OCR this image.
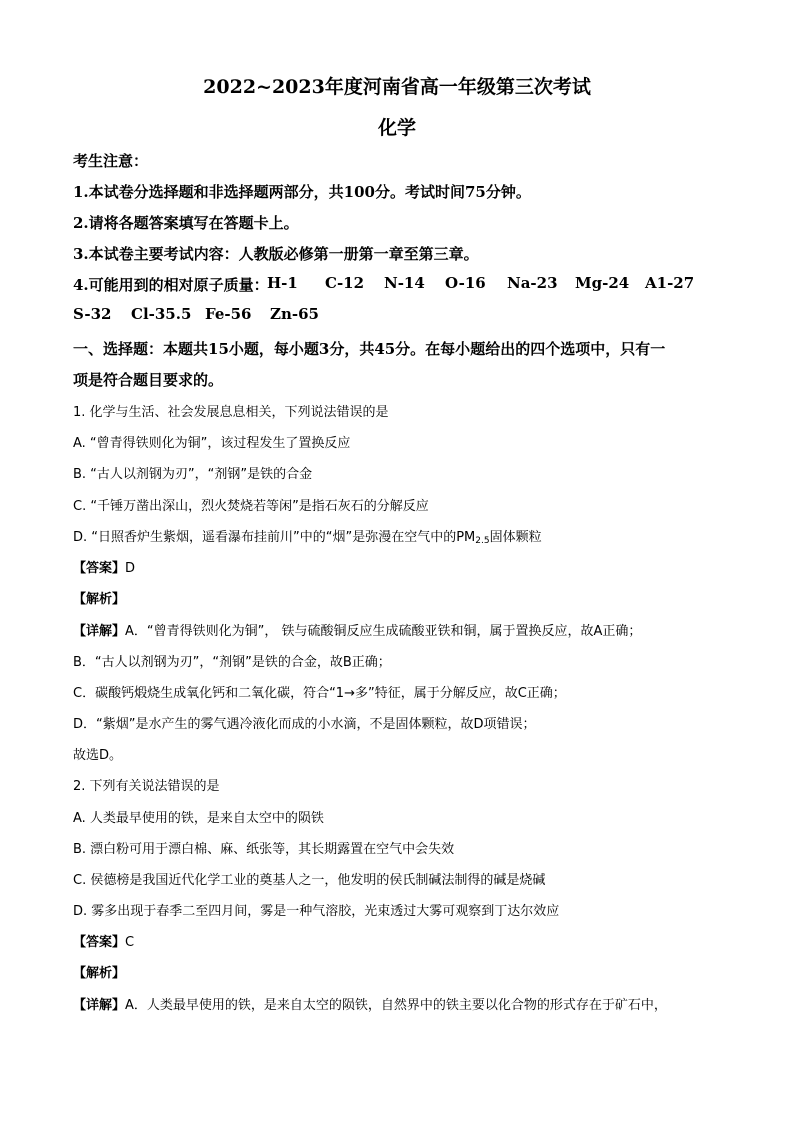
2022~2023年度河南省高一年级第三次考试
化学
考生注意：
1.本试卷分选择题和非选择题两部分，共100分。考试时间75分钟。
2.请将各题答案填写在答题卡上。
3.本试卷主要考试内容：人教版必修第一册第一章至第三章。
4.可能用到的相对原子质量：
H-1	C-12	N-14	O-16	Na-23	Mg-24	A1-27
S-32	Cl-35.5 Fe-56	Zn-65
一、选择题：本题共15小题，每小题3分，共45分。在每小题给出的四个选项中，只有一
项是符合题目要求的。
1. 化学与生活、社会发展息息相关，下列说法错误的是
A. “曾青得铁则化为铜”，该过程发生了置换反应
B. “古人以剂钢为刃”，“剂钢”是铁的合金
C. “千锤万凿出深山，烈火焚烧若等闲”是指石灰石的分解反应
D. “日照香炉生紫烟，遥看瀑布挂前川”中的“烟”是弥漫在空气中的$PM_{2.5}$固体颗粒
【答案】D
【解析】
【详解】A．“曾青得铁则化为铜”， 铁与硫酸铜反应生成硫酸亚铁和铜，属于置换反应，故A正确；
B．“古人以剂钢为刃”，“剂钢”是铁的合金，故B正确；
C．碳酸钙煅烧生成氧化钙和二氧化碳，符合“1→多”特征，属于分解反应，故C正确；
D．“紫烟”是水产生的雾气遇冷液化而成的小水滴，不是固体颗粒，故D项错误；
故选D。
2. 下列有关说法错误的是
A. 人类最早使用的铁，是来自太空中的陨铁
B. 漂白粉可用于漂白棉、麻、纸张等，其长期露置在空气中会失效
C. 侯德榜是我国近代化学工业的奠基人之一，他发明的侯氏制碱法制得的碱是烧碱
D. 雾多出现于春季二至四月间，雾是一种气溶胶，光束透过大雾可观察到丁达尔效应
【答案】C
【解析】
【详解】A．人类最早使用的铁，是来自太空的陨铁，自然界中的铁主要以化合物的形式存在于矿石中，
